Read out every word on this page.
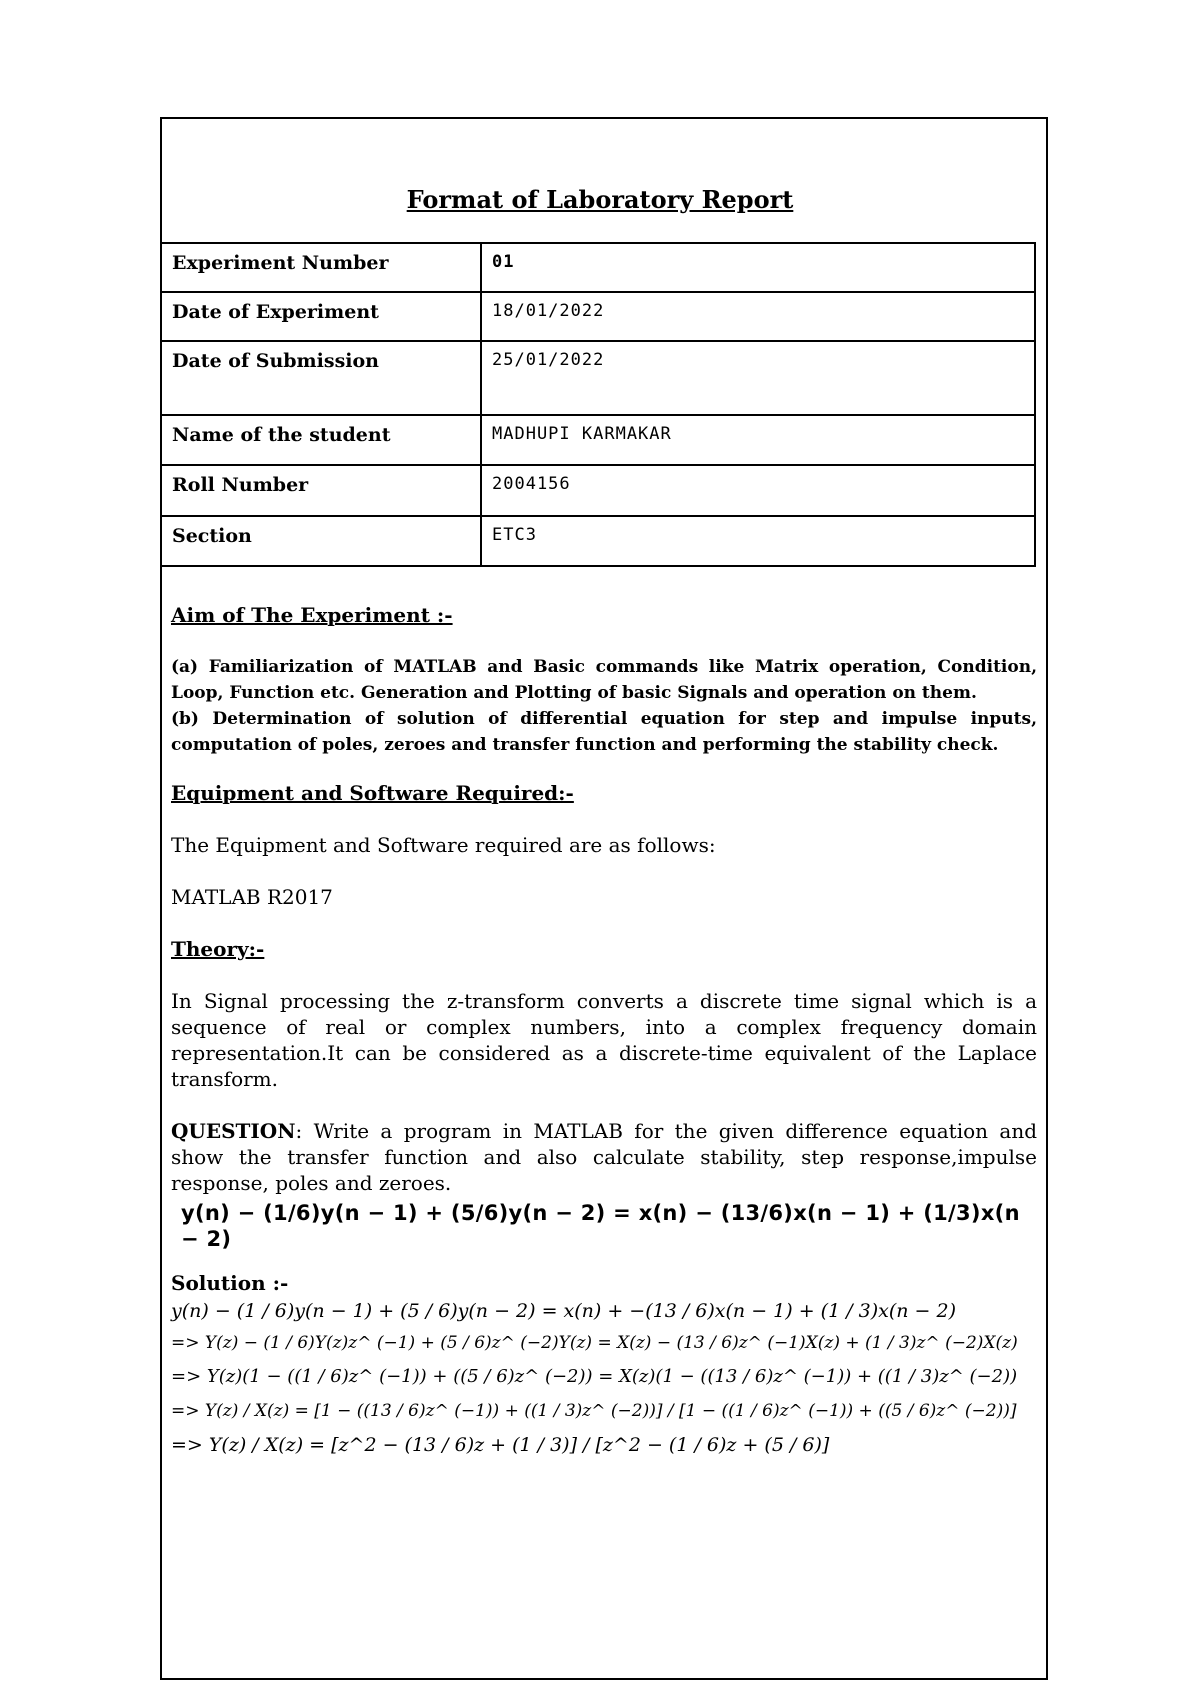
Format of Laboratory Report
Experiment Number	01
Date of Experiment	18/01/2022
Date of Submission	25/01/2022
Name of the student	MADHUPI KARMAKAR
Roll Number	2004156
Section	ETC3

Aim of The Experiment :-

(a) Familiarization of MATLAB and Basic commands like Matrix operation, Condition, Loop, Function etc. Generation and Plotting of basic Signals and operation on them.

(b) Determination of solution of differential equation for step and impulse inputs, computation of poles, zeroes and transfer function and performing the stability check.

Equipment and Software Required:-

The Equipment and Software required are as follows:

MATLAB R2017

Theory:-

In Signal processing the z-transform converts a discrete time signal which is a sequence of real or complex numbers, into a complex frequency domain representation.It can be considered as a discrete-time equivalent of the Laplace transform.

QUESTION: Write a program in MATLAB for the given difference equation and show the transfer function and also calculate stability, step response,impulse response, poles and zeroes.

y(n) − (1/6)y(n − 1) + (5/6)y(n − 2) = x(n) − (13/6)x(n − 1) + (1/3)x(n − 2)

Solution :-

y(n) − (1 / 6)y(n − 1) + (5 / 6)y(n − 2) = x(n) + −(13 / 6)x(n − 1) + (1 / 3)x(n − 2)

=> Y(z) − (1 / 6)Y(z)z^ (−1) + (5 / 6)z^ (−2)Y(z) = X(z) − (13 / 6)z^ (−1)X(z) + (1 / 3)z^ (−2)X(z)

=> Y(z)(1 − ((1 / 6)z^ (−1)) + ((5 / 6)z^ (−2)) = X(z)(1 − ((13 / 6)z^ (−1)) + ((1 / 3)z^ (−2))

=> Y(z) / X(z) = [1 − ((13 / 6)z^ (−1)) + ((1 / 3)z^ (−2))] / [1 − ((1 / 6)z^ (−1)) + ((5 / 6)z^ (−2))]

=> Y(z) / X(z) = [z^2 − (13 / 6)z + (1 / 3)] / [z^2 − (1 / 6)z + (5 / 6)]
